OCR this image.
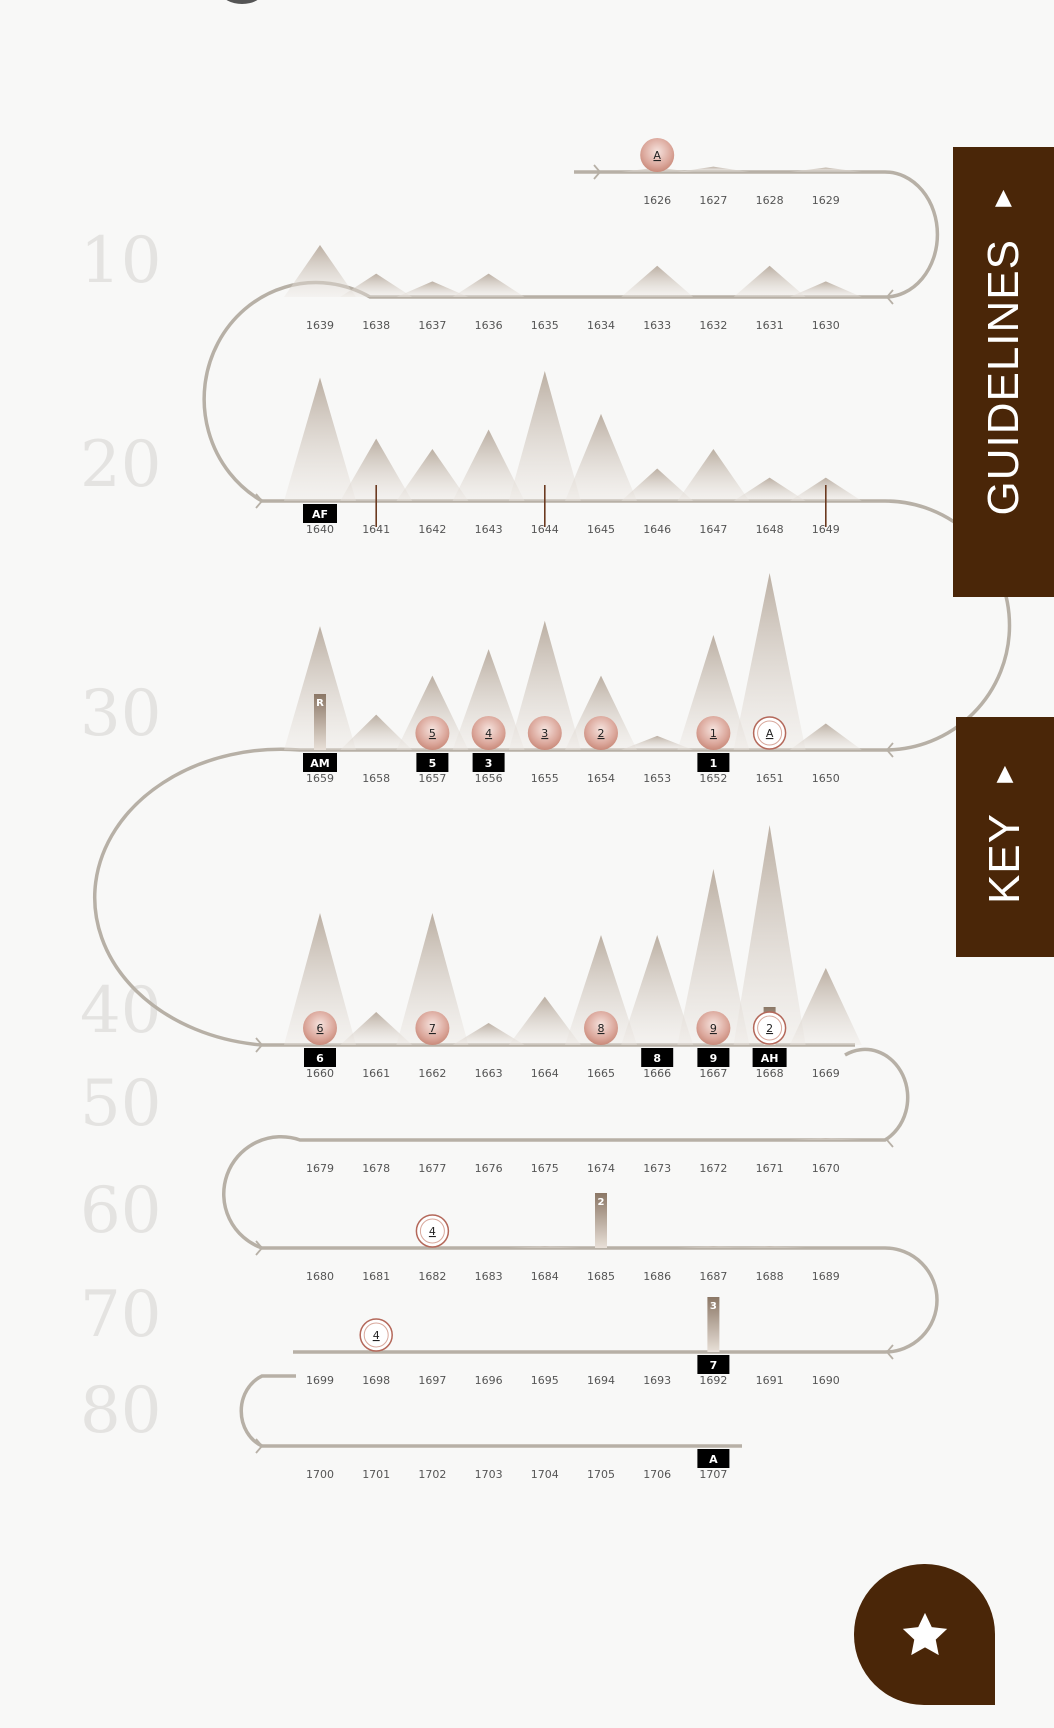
10
20
30
40
50
60
70
80
R
2
3
A
5	4	3	2	1	A
6	7	8	9	2
4
4
AF
AM	5	3	1
6	8	9	AH
7
A
1626	1627	1628	1629
1639	1638	1637	1636	1635	1634	1633	1632	1631	1630
1640	1641	1642	1643	1644	1645	1646	1647	1648	1649
1659	1658	1657	1656	1655	1654	1653	1652	1651	1650
1660	1661	1662	1663	1664	1665	1666	1667	1668	1669
1679	1678	1677	1676	1675	1674	1673	1672	1671	1670
1680	1681	1682	1683	1684	1685	1686	1687	1688	1689
1699	1698	1697	1696	1695	1694	1693	1692	1691	1690
1700	1701	1702	1703	1704	1705	1706	1707
▲
GUIDELINES
▲
KEY
